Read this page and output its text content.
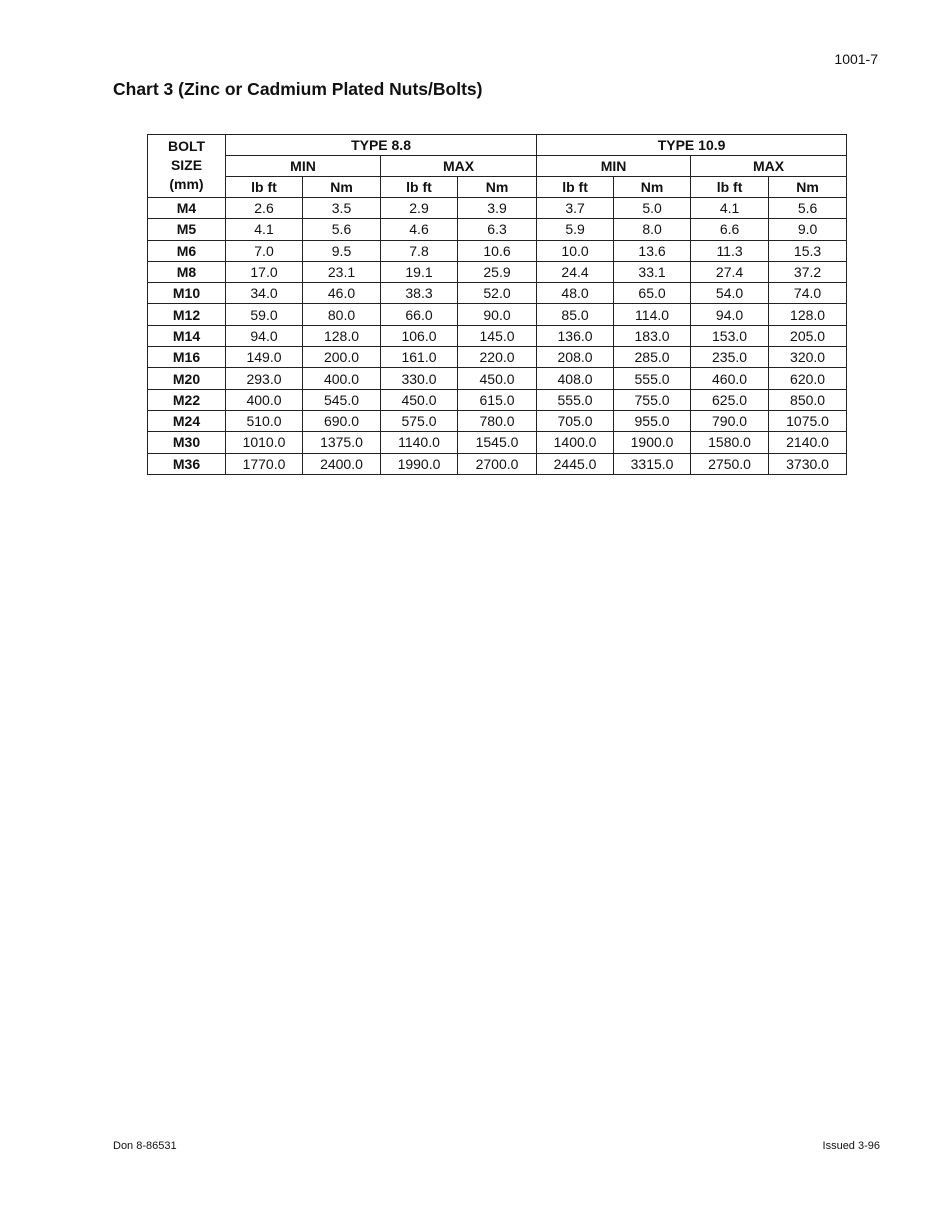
1001-7
Chart 3 (Zinc or Cadmium Plated Nuts/Bolts)
BOLT
SIZE
(mm)	TYPE 8.8				TYPE 10.9			
	MIN		MAX		MIN		MAX	
	lb ft	Nm	lb ft	Nm	lb ft	Nm	lb ft	Nm
M4	2.6	3.5	2.9	3.9	3.7	5.0	4.1	5.6
M5	4.1	5.6	4.6	6.3	5.9	8.0	6.6	9.0
M6	7.0	9.5	7.8	10.6	10.0	13.6	11.3	15.3
M8	17.0	23.1	19.1	25.9	24.4	33.1	27.4	37.2
M10	34.0	46.0	38.3	52.0	48.0	65.0	54.0	74.0
M12	59.0	80.0	66.0	90.0	85.0	114.0	94.0	128.0
M14	94.0	128.0	106.0	145.0	136.0	183.0	153.0	205.0
M16	149.0	200.0	161.0	220.0	208.0	285.0	235.0	320.0
M20	293.0	400.0	330.0	450.0	408.0	555.0	460.0	620.0
M22	400.0	545.0	450.0	615.0	555.0	755.0	625.0	850.0
M24	510.0	690.0	575.0	780.0	705.0	955.0	790.0	1075.0
M30	1010.0	1375.0	1140.0	1545.0	1400.0	1900.0	1580.0	2140.0
M36	1770.0	2400.0	1990.0	2700.0	2445.0	3315.0	2750.0	3730.0
Don 8-86531	Issued 3-96
